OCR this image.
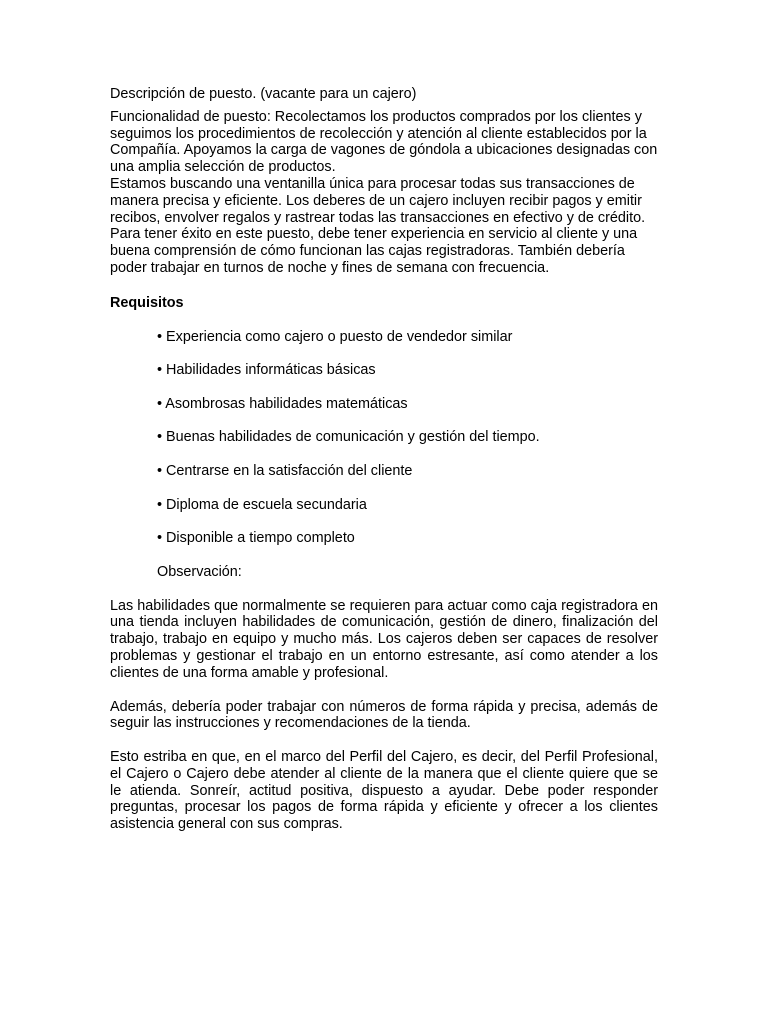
Descripción de puesto. (vacante para un cajero)

Funcionalidad de puesto: Recolectamos los productos comprados por los clientes y seguimos los procedimientos de recolección y atención al cliente establecidos por la Compañía. Apoyamos la carga de vagones de góndola a ubicaciones designadas con una amplia selección de productos.

Estamos buscando una ventanilla única para procesar todas sus transacciones de manera precisa y eficiente. Los deberes de un cajero incluyen recibir pagos y emitir recibos, envolver regalos y rastrear todas las transacciones en efectivo y de crédito. Para tener éxito en este puesto, debe tener experiencia en servicio al cliente y una buena comprensión de cómo funcionan las cajas registradoras. También debería poder trabajar en turnos de noche y fines de semana con frecuencia.

Requisitos
• Experiencia como cajero o puesto de vendedor similar
• Habilidades informáticas básicas
• Asombrosas habilidades matemáticas
• Buenas habilidades de comunicación y gestión del tiempo.
• Centrarse en la satisfacción del cliente
• Diploma de escuela secundaria
• Disponible a tiempo completo
Observación:

Las habilidades que normalmente se requieren para actuar como caja registradora en una tienda incluyen habilidades de comunicación, gestión de dinero, finalización del trabajo, trabajo en equipo y mucho más. Los cajeros deben ser capaces de resolver problemas y gestionar el trabajo en un entorno estresante, así como atender a los clientes de una forma amable y profesional.

Además, debería poder trabajar con números de forma rápida y precisa, además de seguir las instrucciones y recomendaciones de la tienda.

Esto estriba en que, en el marco del Perfil del Cajero, es decir, del Perfil Profesional, el Cajero o Cajero debe atender al cliente de la manera que el cliente quiere que se le atienda. Sonreír, actitud positiva, dispuesto a ayudar. Debe poder responder preguntas, procesar los pagos de forma rápida y eficiente y ofrecer a los clientes asistencia general con sus compras.
